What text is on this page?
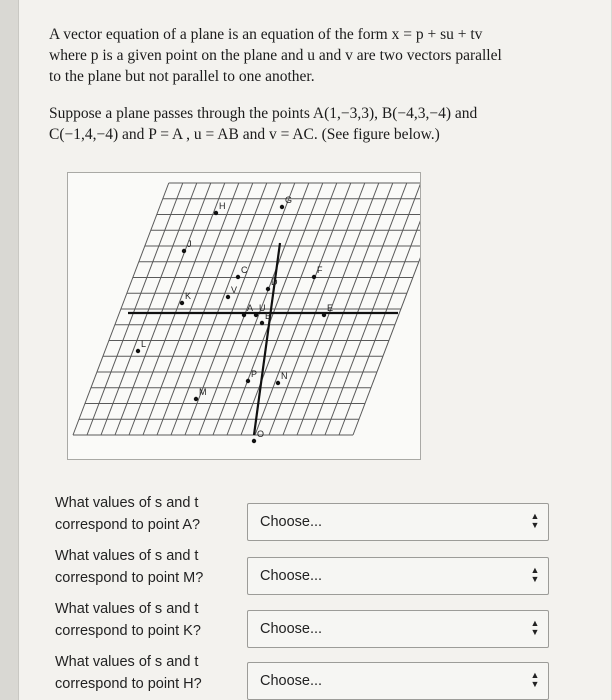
A vector equation of a plane is an equation of the form x = p + su + tv
where p is a given point on the plane and u and v are two vectors parallel
to the plane but not parallel to one another.

Suppose a plane passes through the points A(1,−3,3), B(−4,3,−4) and
C(−1,4,−4) and P = A , u = AB and v = AC. (See figure below.)

H
G
J
C	F
D
K
V
E
A U
B
L
P	N
M
O
What values of s and t
correspond to point A?	Choose...	▲
▼
What values of s and t
correspond to point M?	Choose...	▲
▼
What values of s and t
correspond to point K?	Choose...	▲
▼
What values of s and t
correspond to point H?	Choose...	▲
▼
